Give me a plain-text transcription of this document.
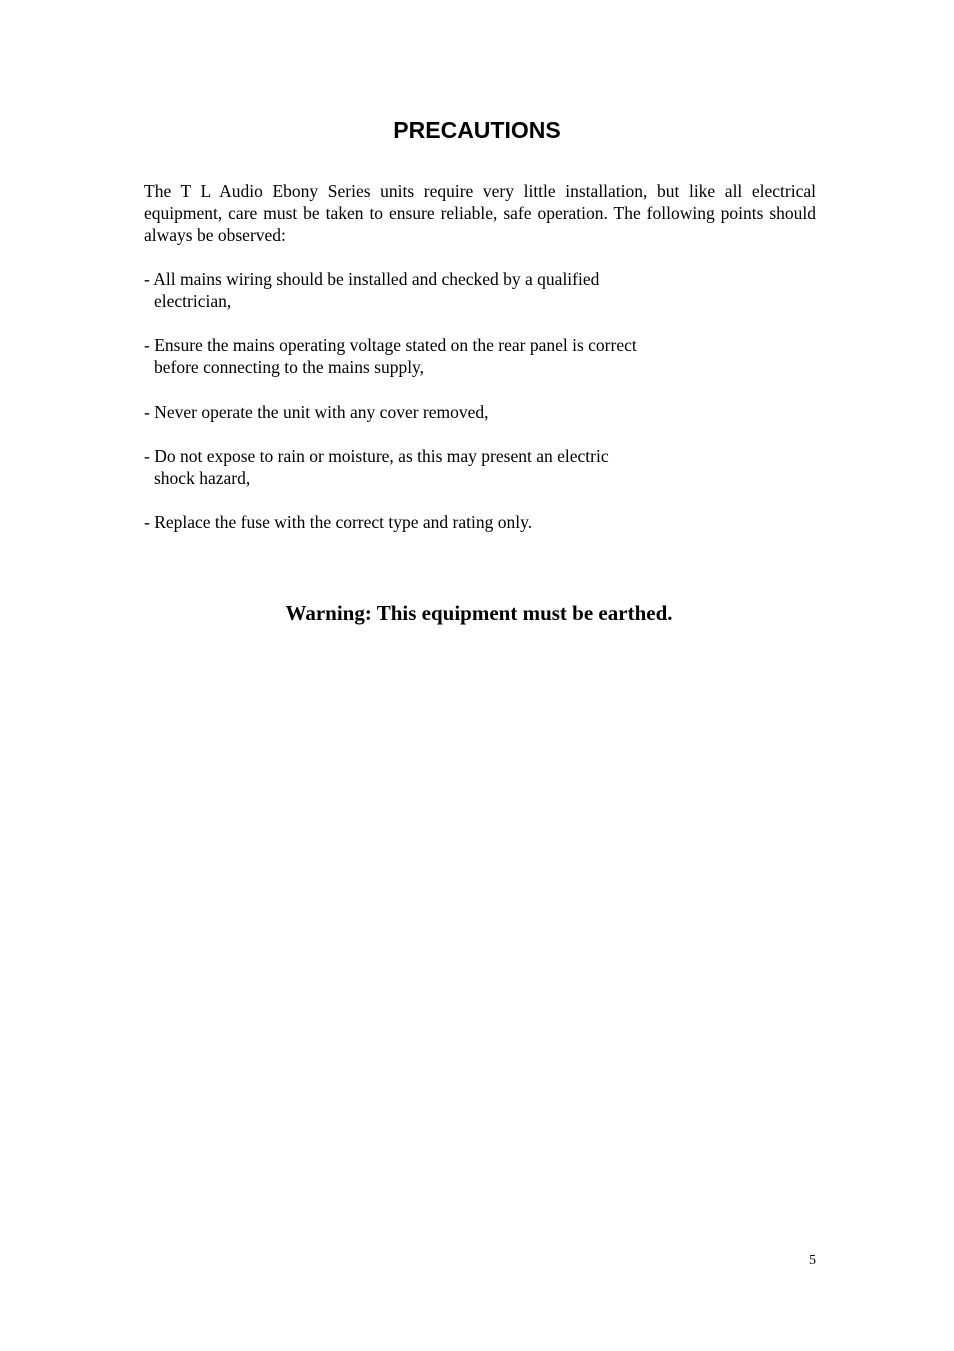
PRECAUTIONS

The T L Audio Ebony Series units require very little installation, but like all electrical equipment, care must be taken to ensure reliable, safe operation. The following points should always be observed:

- All mains wiring should be installed and checked by a qualified
electrician,

- Ensure the mains operating voltage stated on the rear panel is correct
before connecting to the mains supply,

- Never operate the unit with any cover removed,

- Do not expose to rain or moisture, as this may present an electric
shock hazard,

- Replace the fuse with the correct type and rating only.

Warning: This equipment must be earthed.

5
